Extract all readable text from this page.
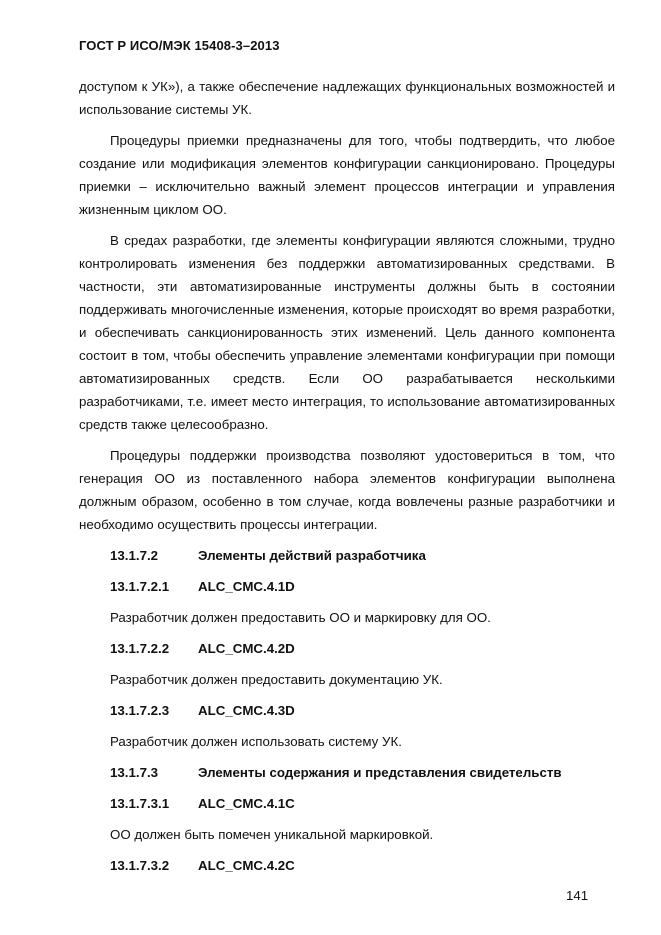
ГОСТ Р ИСО/МЭК 15408-3–2013

доступом к УК»), а также обеспечение надлежащих функциональных возможностей и использование системы УК.

Процедуры приемки предназначены для того, чтобы подтвердить, что любое создание или модификация элементов конфигурации санкционировано. Процедуры приемки – исключительно важный элемент процессов интеграции и управления жизненным циклом ОО.

В средах разработки, где элементы конфигурации являются сложными, трудно контролировать изменения без поддержки автоматизированных средствами. В частности, эти автоматизированные инструменты должны быть в состоянии поддерживать многочисленные изменения, которые происходят во время разработки, и обеспечивать санкционированность этих изменений. Цель данного компонента состоит в том, чтобы обеспечить управление элементами конфигурации при помощи автоматизированных средств. Если ОО разрабатывается несколькими разработчиками, т.е. имеет место интеграция, то использование автоматизированных средств также целесообразно.

Процедуры поддержки производства позволяют удостовериться в том, что генерация ОО из поставленного набора элементов конфигурации выполнена должным образом, особенно в том случае, когда вовлечены разные разработчики и необходимо осуществить процессы интеграции.

13.1.7.2	Элементы действий разработчика
13.1.7.2.1	ALC_CMC.4.1D
Разработчик должен предоставить ОО и маркировку для ОО.
13.1.7.2.2	ALC_CMC.4.2D
Разработчик должен предоставить документацию УК.
13.1.7.2.3	ALC_CMC.4.3D
Разработчик должен использовать систему УК.
13.1.7.3	Элементы содержания и представления свидетельств
13.1.7.3.1	ALC_CMC.4.1C
ОО должен быть помечен уникальной маркировкой.
13.1.7.3.2	ALC_CMC.4.2C
141
